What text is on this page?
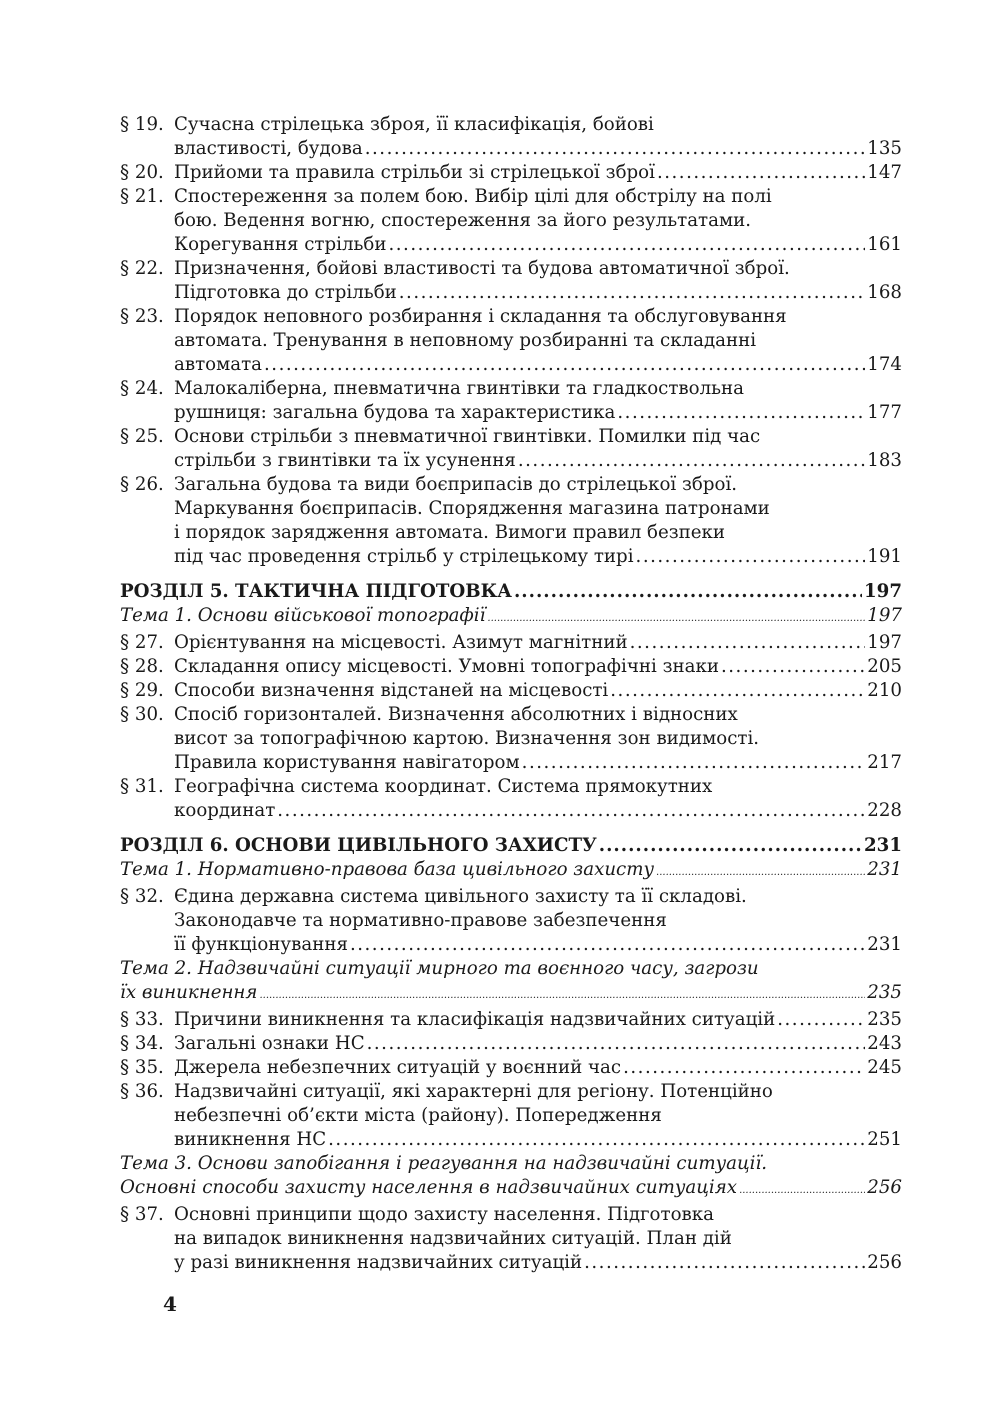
§ 19. Сучасна стрілецька зброя, її класифікація, бойові
властивості, будова .....	135
§ 20. Прийоми та правила стрільби зі стрілецької зброї .....	147
§ 21. Спостереження за полем бою. Вибір цілі для обстрілу на полі
бою. Ведення вогню, спостереження за його результатами.
Корегування стрільби .....	161
§ 22. Призначення, бойові властивості та будова автоматичної зброї.
Підготовка до стрільби .....	168
§ 23. Порядок неповного розбирання і складання та обслуговування
автомата. Тренування в неповному розбиранні та складанні
автомата .....	174
§ 24. Малокаліберна, пневматична гвинтівки та гладкоствольна
рушниця: загальна будова та характеристика .....	177
§ 25. Основи стрільби з пневматичної гвинтівки. Помилки під час
стрільби з гвинтівки та їх усунення .....	183
§ 26. Загальна будова та види боєприпасів до стрілецької зброї.
Маркування боєприпасів. Спорядження магазина патронами
і порядок зарядження автомата. Вимоги правил безпеки
під час проведення стрільб у стрілецькому тирі .....	191
РОЗДІЛ 5. ТАКТИЧНА ПІДГОТОВКА .....	197
Тема 1. Основи військової топографії .....	197
§ 27. Орієнтування на місцевості. Азимут магнітний .....	197
§ 28. Складання опису місцевості. Умовні топографічні знаки .....	205
§ 29. Способи визначення відстаней на місцевості .....	210
§ 30. Спосіб горизонталей. Визначення абсолютних і відносних
висот за топографічною картою. Визначення зон видимості.
Правила користування навігатором .....	217
§ 31. Географічна система координат. Система прямокутних
координат .....	228
РОЗДІЛ 6. ОСНОВИ ЦИВІЛЬНОГО ЗАХИСТУ .....	231
Тема 1. Нормативно-правова база цивільного захисту .....	231
§ 32. Єдина державна система цивільного захисту та її складові.
Законодавче та нормативно-правове забезпечення
її функціонування .....	231
Тема 2. Надзвичайні ситуації мирного та воєнного часу, загрози
їх виникнення .....	235
§ 33. Причини виникнення та класифікація надзвичайних ситуацій .....	235
§ 34. Загальні ознаки НС .....	243
§ 35. Джерела небезпечних ситуацій у воєнний час .....	245
§ 36. Надзвичайні ситуації, які характерні для регіону. Потенційно
небезпечні об’єкти міста (району). Попередження
виникнення НС .....	251
Тема 3. Основи запобігання і реагування на надзвичайні ситуації.
Основні способи захисту населення в надзвичайних ситуаціях .....	256
§ 37. Основні принципи щодо захисту населення. Підготовка
на випадок виникнення надзвичайних ситуацій. План дій
у разі виникнення надзвичайних ситуацій .....	256
4
